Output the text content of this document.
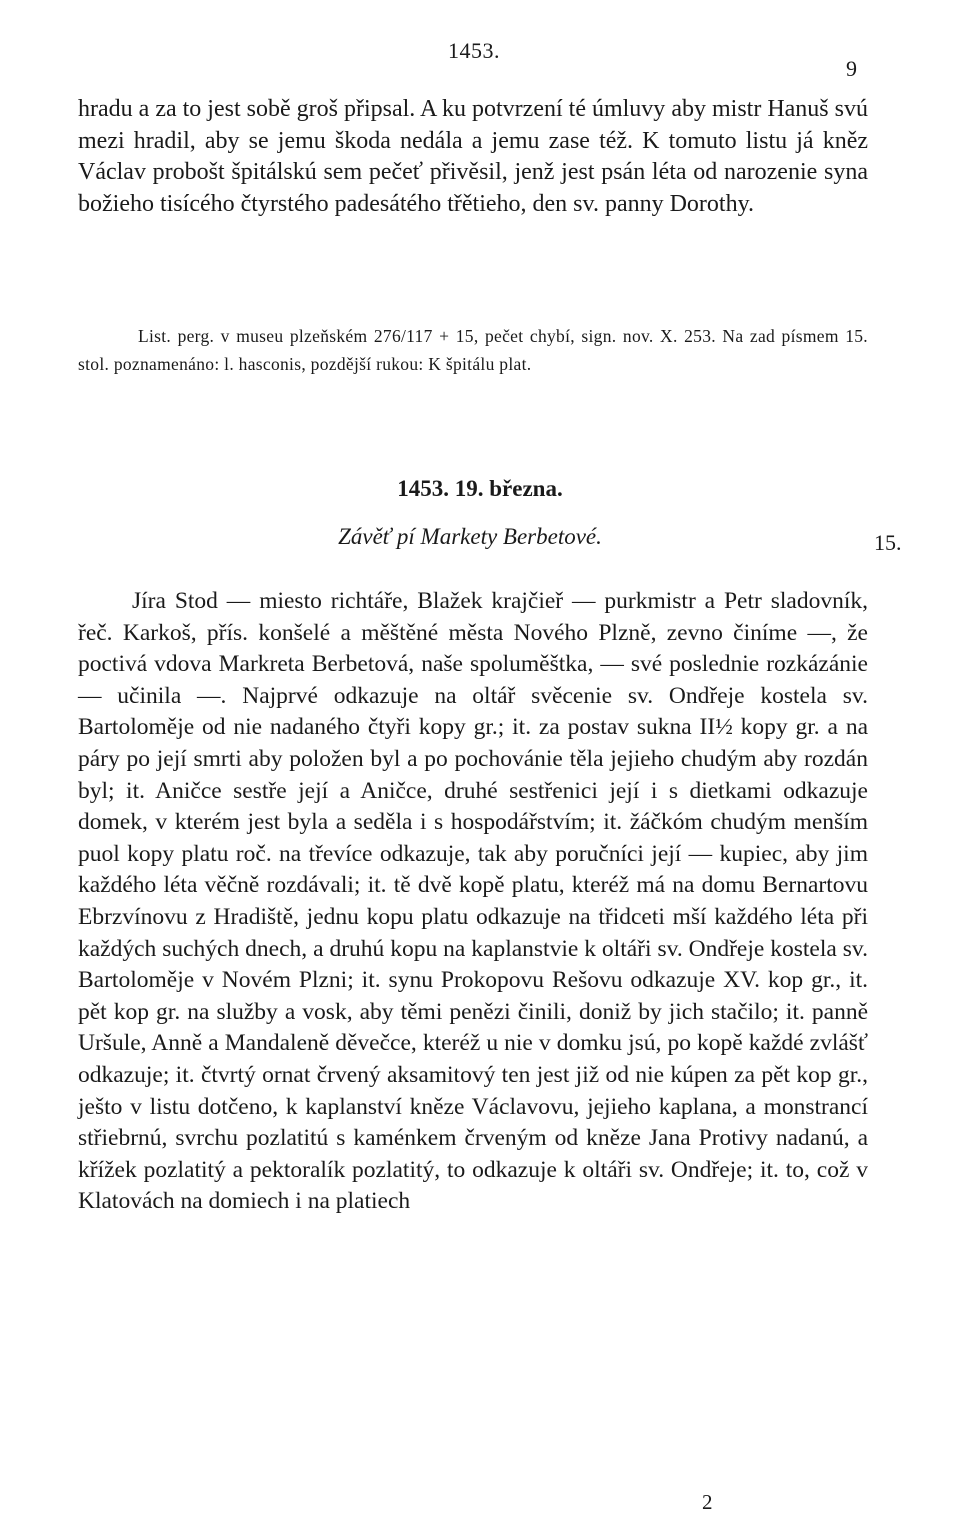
1453.
9

hradu a za to jest sobě groš připsal. A ku potvrzení té úmluvy aby mistr Hanuš svú mezi hradil, aby se jemu škoda nedála a jemu zase též. K tomuto listu já kněz Václav probošt špitálskú sem pečeť přivěsil, jenž jest psán léta od narozenie syna božieho tisícého čtyrstého padesátého třětieho, den sv. panny Dorothy.

List. perg. v museu plzeňském 276/117 + 15, pečet chybí, sign. nov. X. 253. Na zad písmem 15. stol. poznamenáno: l. hasconis, pozdější rukou: K špitálu plat.

1453. 19. března.
Závěť pí Markety Berbetové.	15.

Jíra Stod — miesto richtáře, Blažek krajčieř — purkmistr a Petr sladovník, řeč. Karkoš, přís. konšelé a měštěné města Nového Plzně, zevno činíme —, že poctivá vdova Markreta Berbetová, naše spoluměštka, — své poslednie rozkázánie — učinila —. Najprvé odkazuje na oltář svěcenie sv. Ondřeje kostela sv. Bartoloměje od nie nadaného čtyři kopy gr.; it. za postav sukna II½ kopy gr. a na páry po její smrti aby položen byl a po pochovánie těla jejieho chudým aby rozdán byl; it. Aničce sestře její a Aničce, druhé sestřenici její i s dietkami odkazuje domek, v kterém jest byla a seděla i s hospodářstvím; it. žáčkóm chudým menším puol kopy platu roč. na třevíce odkazuje, tak aby poručníci její — kupiec, aby jim každého léta věčně rozdávali; it. tě dvě kopě platu, kteréž má na domu Bernartovu Ebrzvínovu z Hradiště, jednu kopu platu odkazuje na třidceti mší každého léta při každých suchých dnech, a druhú kopu na kaplanstvie k oltáři sv. Ondřeje kostela sv. Bartoloměje v Novém Plzni; it. synu Prokopovu Rešovu odkazuje XV. kop gr., it. pět kop gr. na služby a vosk, aby těmi penězi činili, doniž by jich stačilo; it. panně Uršule, Anně a Mandaleně děvečce, kteréž u nie v domku jsú, po kopě každé zvlášť odkazuje; it. čtvrtý ornat črvený aksamitový ten jest již od nie kúpen za pět kop gr., ješto v listu dotčeno, k kaplanství kněze Václavovu, jejieho kaplana, a monstrancí střiebrnú, svrchu pozlatitú s kaménkem črveným od kněze Jana Protivy nadanú, a křížek pozlatitý a pektoralík pozlatitý, to odkazuje k oltáři sv. Ondřeje; it. to, což v Klatovách na domiech i na platiech

2
